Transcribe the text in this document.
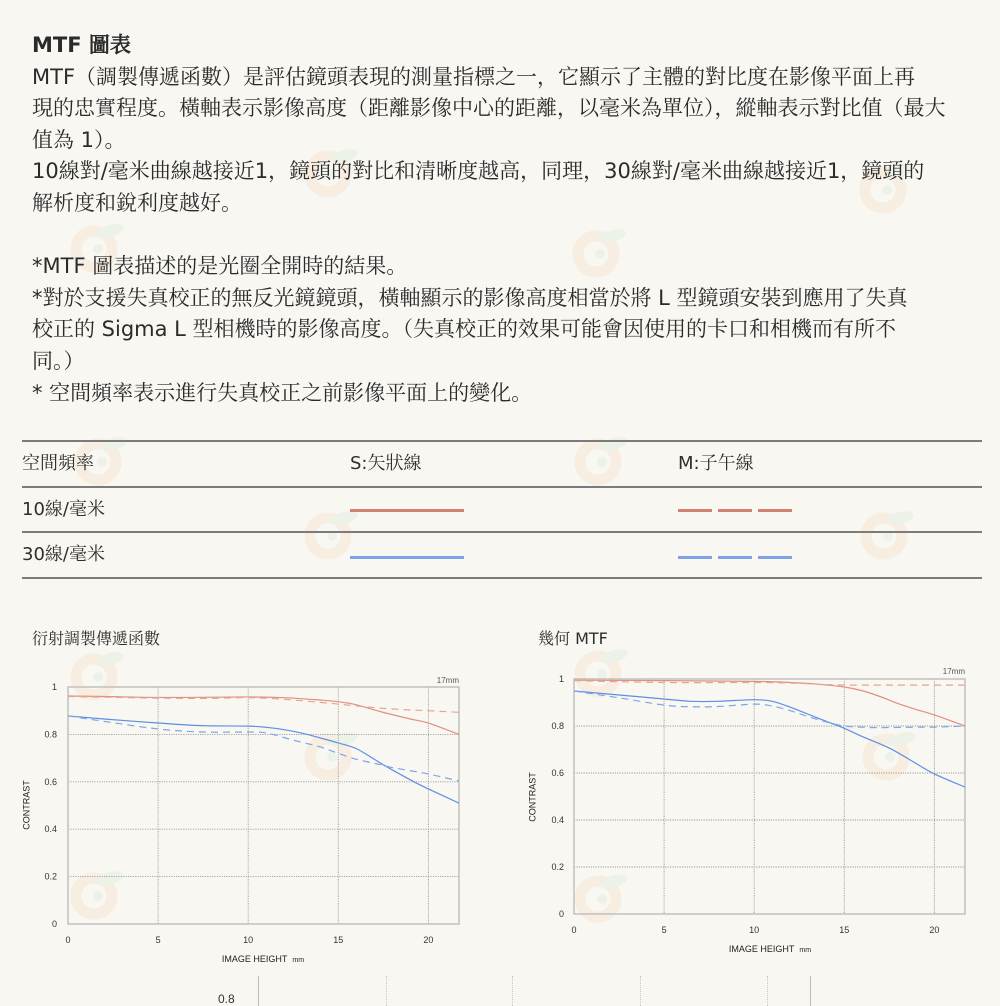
MTF 圖表
MTF（調製傳遞函數）是評估鏡頭表現的測量指標之一，它顯示了主體的對比度在影像平面上再
現的忠實程度。橫軸表示影像高度（距離影像中心的距離，以毫米為單位），縱軸表示對比值（最大
值為 1）。
10線對/毫米曲線越接近1，鏡頭的對比和清晰度越高，同理，30線對/毫米曲線越接近1，鏡頭的
解析度和銳利度越好。
*MTF 圖表描述的是光圈全開時的結果。
*對於支援失真校正的無反光鏡鏡頭，橫軸顯示的影像高度相當於將 L 型鏡頭安裝到應用了失真
校正的 Sigma L 型相機時的影像高度。（失真校正的效果可能會因使用的卡口和相機而有所不
同。）
* 空間頻率表示進行失真校正之前影像平面上的變化。
空間頻率	S:矢狀線	M:子午線
10線/毫米
30線/毫米
衍射調製傳遞函數	幾何 MTF
0	5	10	15	20
0
0.2
0.4
0.6
0.8
1
IMAGE HEIGHT mm
CONTRAST
17mm
0	5	10	15	20
0
0.2
0.4
0.6
0.8
1
IMAGE HEIGHT mm
CONTRAST
17mm
0.8
